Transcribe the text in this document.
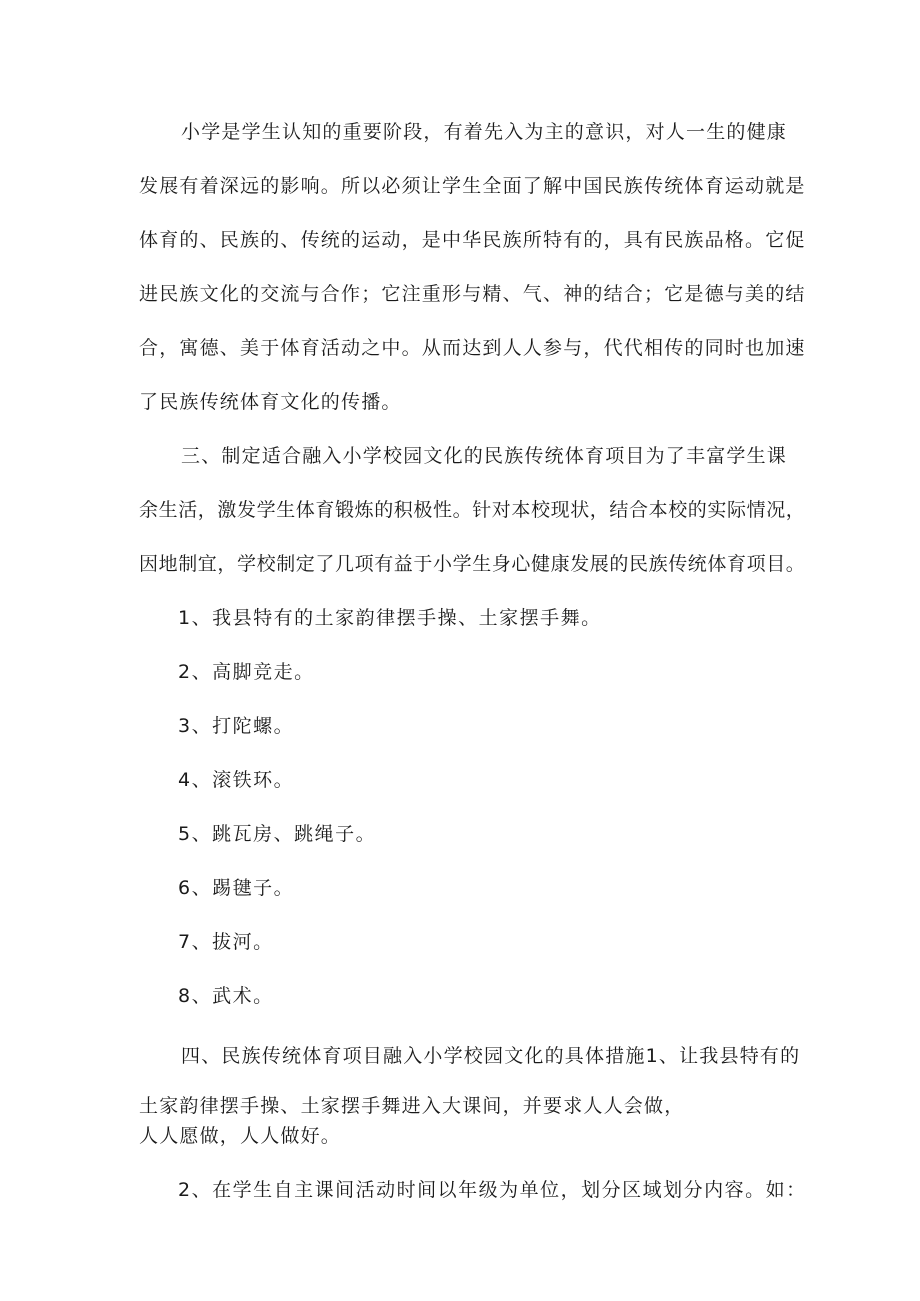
小学是学生认知的重要阶段，有着先入为主的意识，对人一生的健康
发展有着深远的影响。所以必须让学生全面了解中国民族传统体育运动就是
体育的、民族的、传统的运动，是中华民族所特有的，具有民族品格。它促
进民族文化的交流与合作；它注重形与精、气、神的结合；它是德与美的结
合，寓德、美于体育活动之中。从而达到人人参与，代代相传的同时也加速
了民族传统体育文化的传播。
三、制定适合融入小学校园文化的民族传统体育项目为了丰富学生课
余生活，激发学生体育锻炼的积极性。针对本校现状，结合本校的实际情况，
因地制宜，学校制定了几项有益于小学生身心健康发展的民族传统体育项目。
1、我县特有的土家韵律摆手操、土家摆手舞。
2、高脚竞走。
3、打陀螺。
4、滚铁环。
5、跳瓦房、跳绳子。
6、踢毽子。
7、拔河。
8、武术。
四、民族传统体育项目融入小学校园文化的具体措施1、让我县特有的
土家韵律摆手操、土家摆手舞进入大课间，并要求人人会做，
人人愿做，人人做好。
2、在学生自主课间活动时间以年级为单位，划分区域划分内容。如：
